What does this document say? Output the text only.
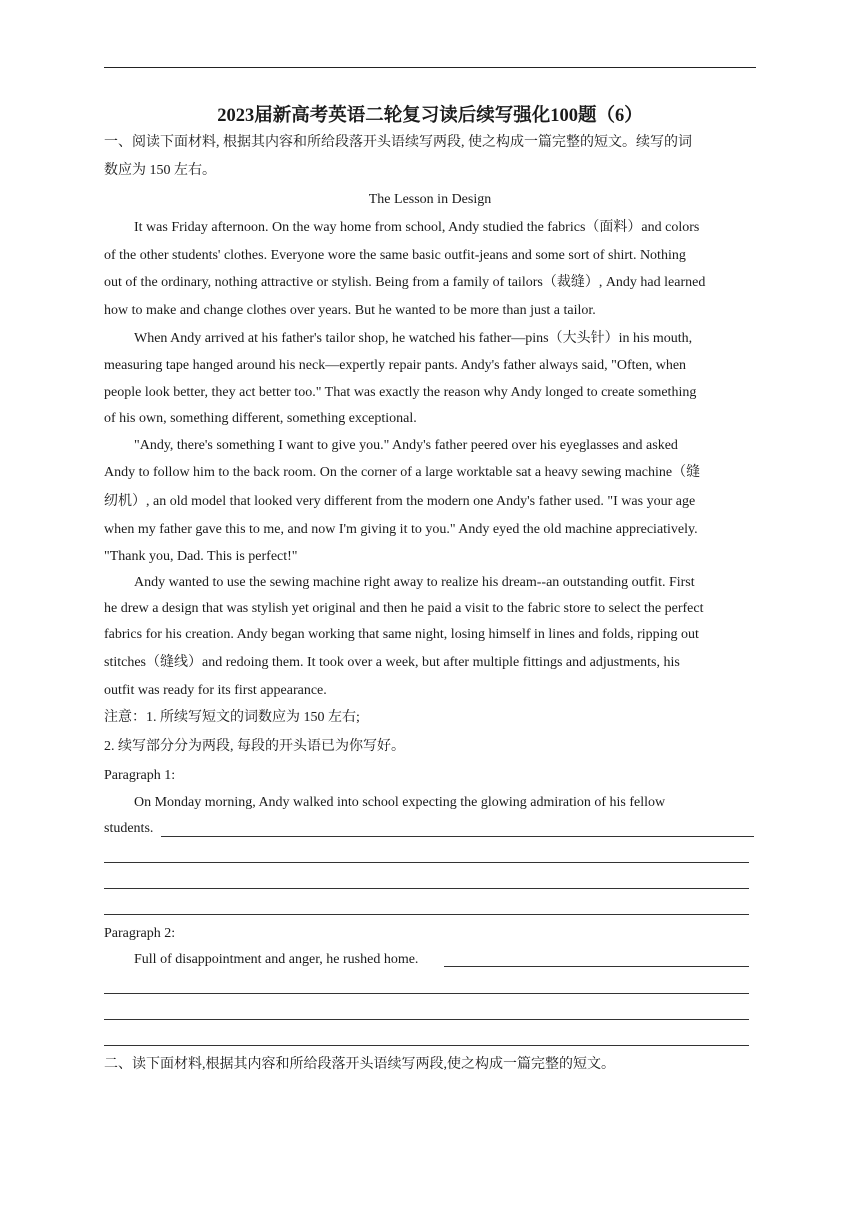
2023届新高考英语二轮复习读后续写强化100题（6）
一、阅读下面材料, 根据其内容和所给段落开头语续写两段, 使之构成一篇完整的短文。续写的词
数应为 150 左右。
The Lesson in Design
It was Friday afternoon. On the way home from school, Andy studied the fabrics（面料）and colors
of the other students' clothes. Everyone wore the same basic outfit-jeans and some sort of shirt. Nothing
out of the ordinary, nothing attractive or stylish. Being from a family of tailors（裁缝）, Andy had learned
how to make and change clothes over years. But he wanted to be more than just a tailor.
When Andy arrived at his father's tailor shop, he watched his father—pins（大头针）in his mouth,
measuring tape hanged around his neck—expertly repair pants. Andy's father always said, "Often, when
people look better, they act better too." That was exactly the reason why Andy longed to create something
of his own, something different, something exceptional.
"Andy, there's something I want to give you." Andy's father peered over his eyeglasses and asked
Andy to follow him to the back room. On the corner of a large worktable sat a heavy sewing machine（缝
纫机）, an old model that looked very different from the modern one Andy's father used. "I was your age
when my father gave this to me, and now I'm giving it to you." Andy eyed the old machine appreciatively.
"Thank you, Dad. This is perfect!"
Andy wanted to use the sewing machine right away to realize his dream--an outstanding outfit. First
he drew a design that was stylish yet original and then he paid a visit to the fabric store to select the perfect
fabrics for his creation. Andy began working that same night, losing himself in lines and folds, ripping out
stitches（缝线）and redoing them. It took over a week, but after multiple fittings and adjustments, his
outfit was ready for its first appearance.
注意：1. 所续写短文的词数应为 150 左右;
2. 续写部分分为两段, 每段的开头语已为你写好。
Paragraph 1:
On Monday morning, Andy walked into school expecting the glowing admiration of his fellow
students.
Paragraph 2:
Full of disappointment and anger, he rushed home.
二、读下面材料,根据其内容和所给段落开头语续写两段,使之构成一篇完整的短文。
